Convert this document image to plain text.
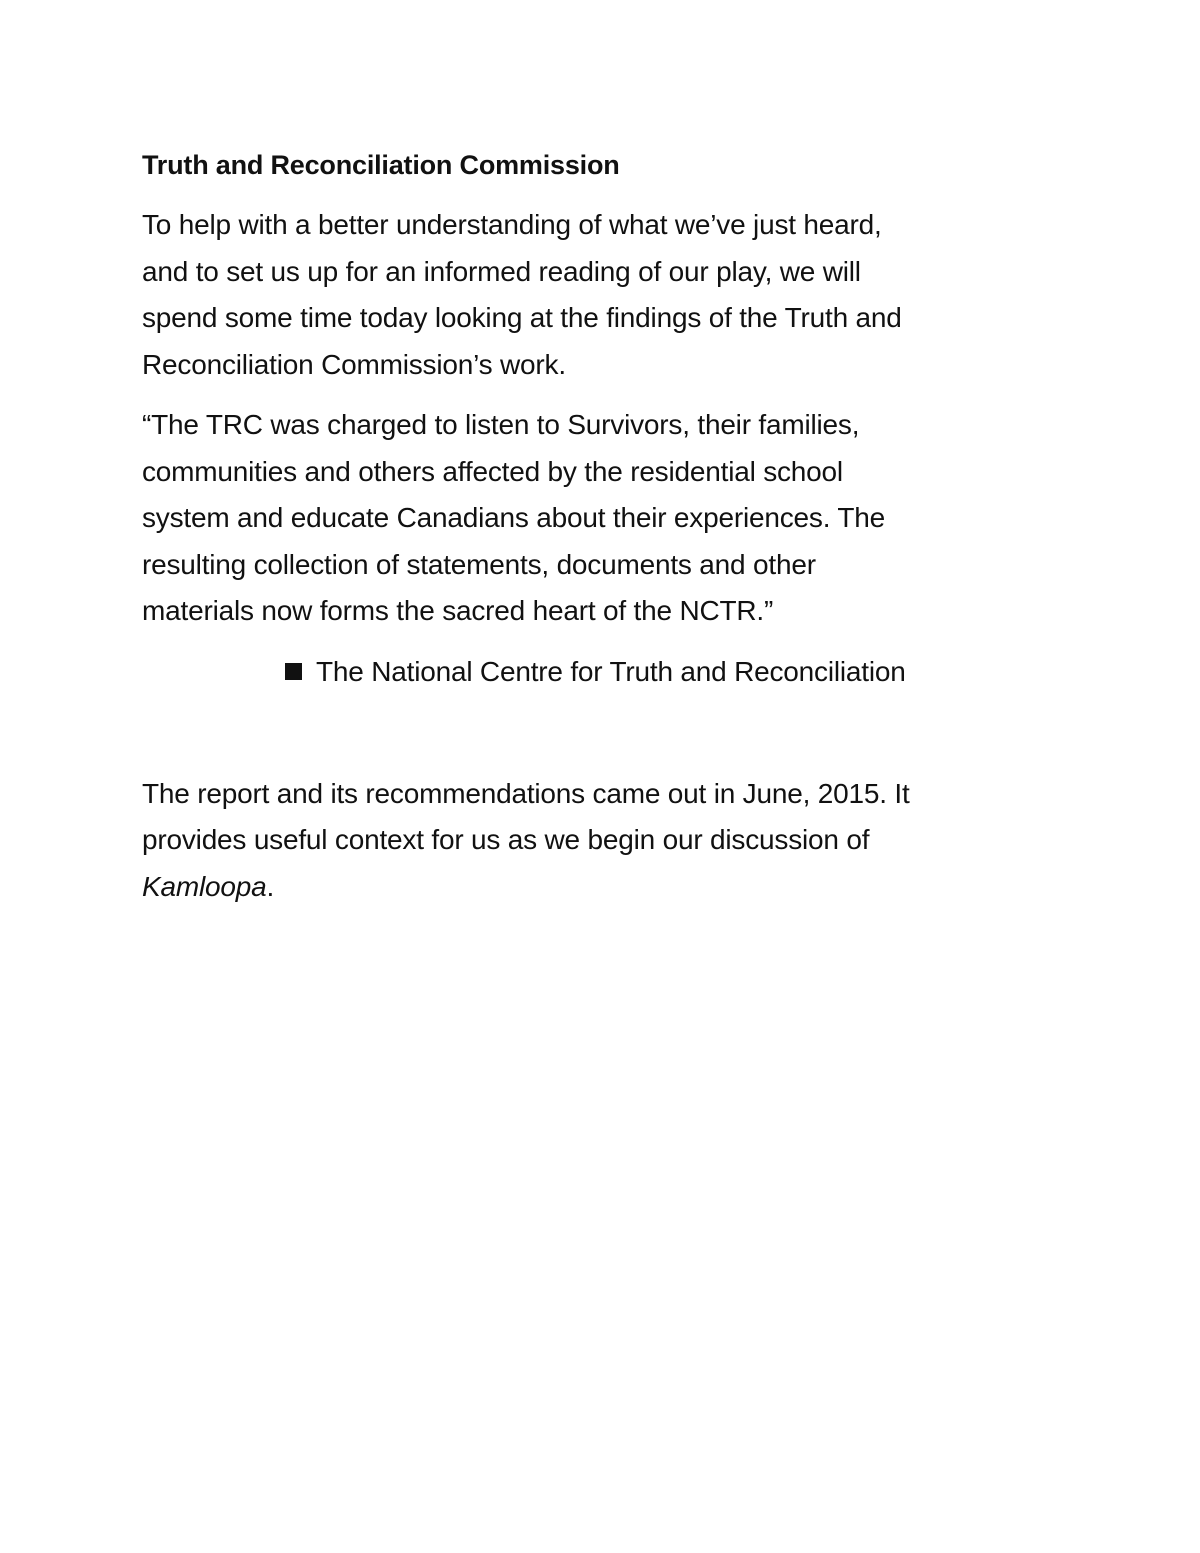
Truth and Reconciliation Commission

To help with a better understanding of what we’ve just heard,
and to set us up for an informed reading of our play, we will
spend some time today looking at the findings of the Truth and
Reconciliation Commission’s work.

“The TRC was charged to listen to Survivors, their families,
communities and others affected by the residential school
system and educate Canadians about their experiences. The
resulting collection of statements, documents and other
materials now forms the sacred heart of the NCTR.”

The National Centre for Truth and Reconciliation

The report and its recommendations came out in June, 2015. It
provides useful context for us as we begin our discussion of
Kamloopa.
